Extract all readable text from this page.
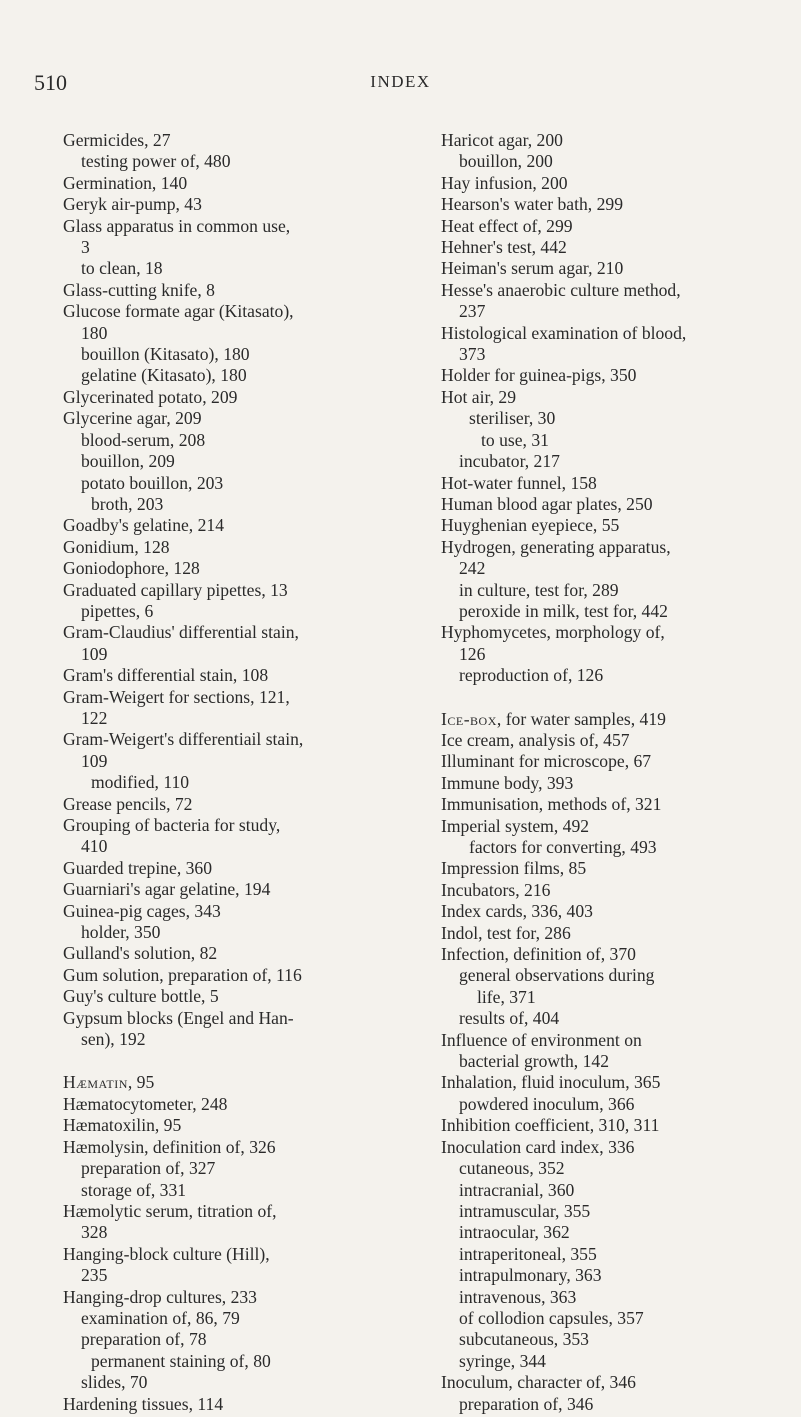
510	INDEX
Germicides, 27
testing power of, 480
Germination, 140
Geryk air-pump, 43
Glass apparatus in common use,
3
to clean, 18
Glass-cutting knife, 8
Glucose formate agar (Kitasato),
180
bouillon (Kitasato), 180
gelatine (Kitasato), 180
Glycerinated potato, 209
Glycerine agar, 209
blood-serum, 208
bouillon, 209
potato bouillon, 203
broth, 203
Goadby's gelatine, 214
Gonidium, 128
Goniodophore, 128
Graduated capillary pipettes, 13
pipettes, 6
Gram-Claudius' differential stain,
109
Gram's differential stain, 108
Gram-Weigert for sections, 121,
122
Gram-Weigert's differentiail stain,
109
modified, 110
Grease pencils, 72
Grouping of bacteria for study,
410
Guarded trepine, 360
Guarniari's agar gelatine, 194
Guinea-pig cages, 343
holder, 350
Gulland's solution, 82
Gum solution, preparation of, 116
Guy's culture bottle, 5
Gypsum blocks (Engel and Han-
sen), 192
Hæmatin, 95
Hæmatocytometer, 248
Hæmatoxilin, 95
Hæmolysin, definition of, 326
preparation of, 327
storage of, 331
Hæmolytic serum, titration of,
328
Hanging-block culture (Hill),
235
Hanging-drop cultures, 233
examination of, 86, 79
preparation of, 78
permanent staining of, 80
slides, 70
Hardening tissues, 114
Haricot agar, 200
bouillon, 200
Hay infusion, 200
Hearson's water bath, 299
Heat effect of, 299
Hehner's test, 442
Heiman's serum agar, 210
Hesse's anaerobic culture method,
237
Histological examination of blood,
373
Holder for guinea-pigs, 350
Hot air, 29
steriliser, 30
to use, 31
incubator, 217
Hot-water funnel, 158
Human blood agar plates, 250
Huyghenian eyepiece, 55
Hydrogen, generating apparatus,
242
in culture, test for, 289
peroxide in milk, test for, 442
Hyphomycetes, morphology of,
126
reproduction of, 126
Ice-box, for water samples, 419
Ice cream, analysis of, 457
Illuminant for microscope, 67
Immune body, 393
Immunisation, methods of, 321
Imperial system, 492
factors for converting, 493
Impression films, 85
Incubators, 216
Index cards, 336, 403
Indol, test for, 286
Infection, definition of, 370
general observations during
life, 371
results of, 404
Influence of environment on
bacterial growth, 142
Inhalation, fluid inoculum, 365
powdered inoculum, 366
Inhibition coefficient, 310, 311
Inoculation card index, 336
cutaneous, 352
intracranial, 360
intramuscular, 355
intraocular, 362
intraperitoneal, 355
intrapulmonary, 363
intravenous, 363
of collodion capsules, 357
subcutaneous, 353
syringe, 344
Inoculum, character of, 346
preparation of, 346
